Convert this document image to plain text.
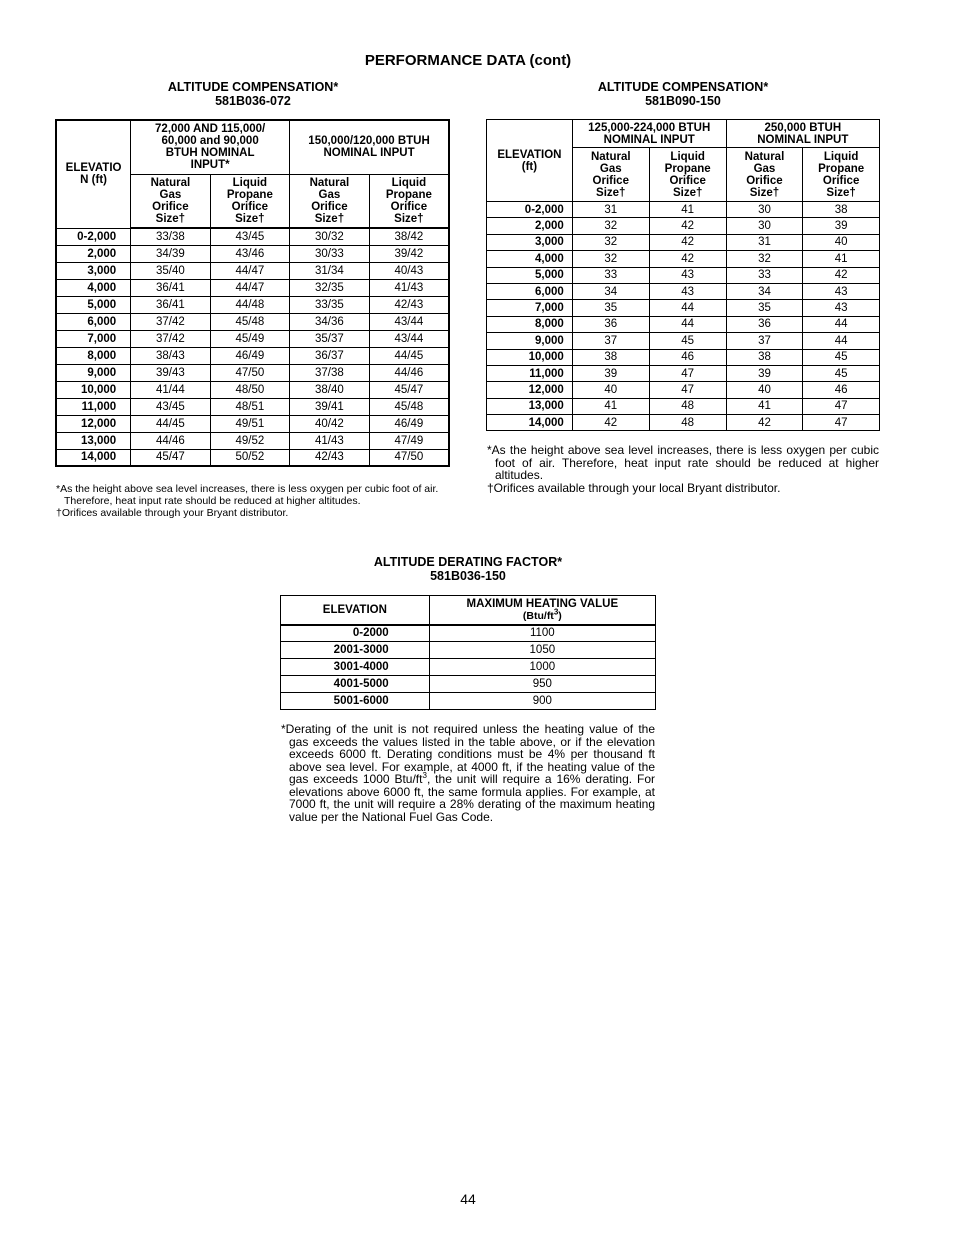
PERFORMANCE DATA (cont)
ALTITUDE COMPENSATION*
581B036-072
ELEVATIO N (ft)	72,000 AND 115,000/ 60,000 and 90,000 BTUH NOMINAL INPUT*		150,000/120,000 BTUH NOMINAL INPUT	
	Natural Gas Orifice Size†	Liquid Propane Orifice Size†	Natural Gas Orifice Size†	Liquid Propane Orifice Size†
0-2,000	33/38	43/45	30/32	38/42
2,000	34/39	43/46	30/33	39/42
3,000	35/40	44/47	31/34	40/43
4,000	36/41	44/47	32/35	41/43
5,000	36/41	44/48	33/35	42/43
6,000	37/42	45/48	34/36	43/44
7,000	37/42	45/49	35/37	43/44
8,000	38/43	46/49	36/37	44/45
9,000	39/43	47/50	37/38	44/46
10,000	41/44	48/50	38/40	45/47
11,000	43/45	48/51	39/41	45/48
12,000	44/45	49/51	40/42	46/49
13,000	44/46	49/52	41/43	47/49
14,000	45/47	50/52	42/43	47/50

*As the height above sea level increases, there is less oxygen per cubic foot of air. Therefore, heat input rate should be reduced at higher altitudes.

†Orifices available through your Bryant distributor.

ALTITUDE COMPENSATION*
581B090-150
ELEVATION (ft)	125,000-224,000 BTUH NOMINAL INPUT		250,000 BTUH NOMINAL INPUT	
	Natural Gas Orifice Size†	Liquid Propane Orifice Size†	Natural Gas Orifice Size†	Liquid Propane Orifice Size†
0-2,000	31	41	30	38
2,000	32	42	30	39
3,000	32	42	31	40
4,000	32	42	32	41
5,000	33	43	33	42
6,000	34	43	34	43
7,000	35	44	35	43
8,000	36	44	36	44
9,000	37	45	37	44
10,000	38	46	38	45
11,000	39	47	39	45
12,000	40	47	40	46
13,000	41	48	41	47
14,000	42	48	42	47

*As the height above sea level increases, there is less oxygen per cubic foot of air. Therefore, heat input rate should be reduced at higher altitudes.

†Orifices available through your local Bryant distributor.

ALTITUDE DERATING FACTOR*
581B036-150
ELEVATION	MAXIMUM HEATING VALUE
$(Btu/ft^3)$

0-2000	1100
2001-3000	1050
3001-4000	1000
4001-5000	950
5001-6000	900

*Derating of the unit is not required unless the heating value of the gas exceeds the values listed in the table above, or if the elevation exceeds 6000 ft. Derating conditions must be 4% per thousand ft above sea level. For example, at 4000 ft, if the heating value of the gas exceeds 1000 Btu/$ft^3$, the unit will require a 16% derating. For elevations above 6000 ft, the same formula applies. For example, at 7000 ft, the unit will require a 28% derating of the maximum heating value per the National Fuel Gas Code.

44
